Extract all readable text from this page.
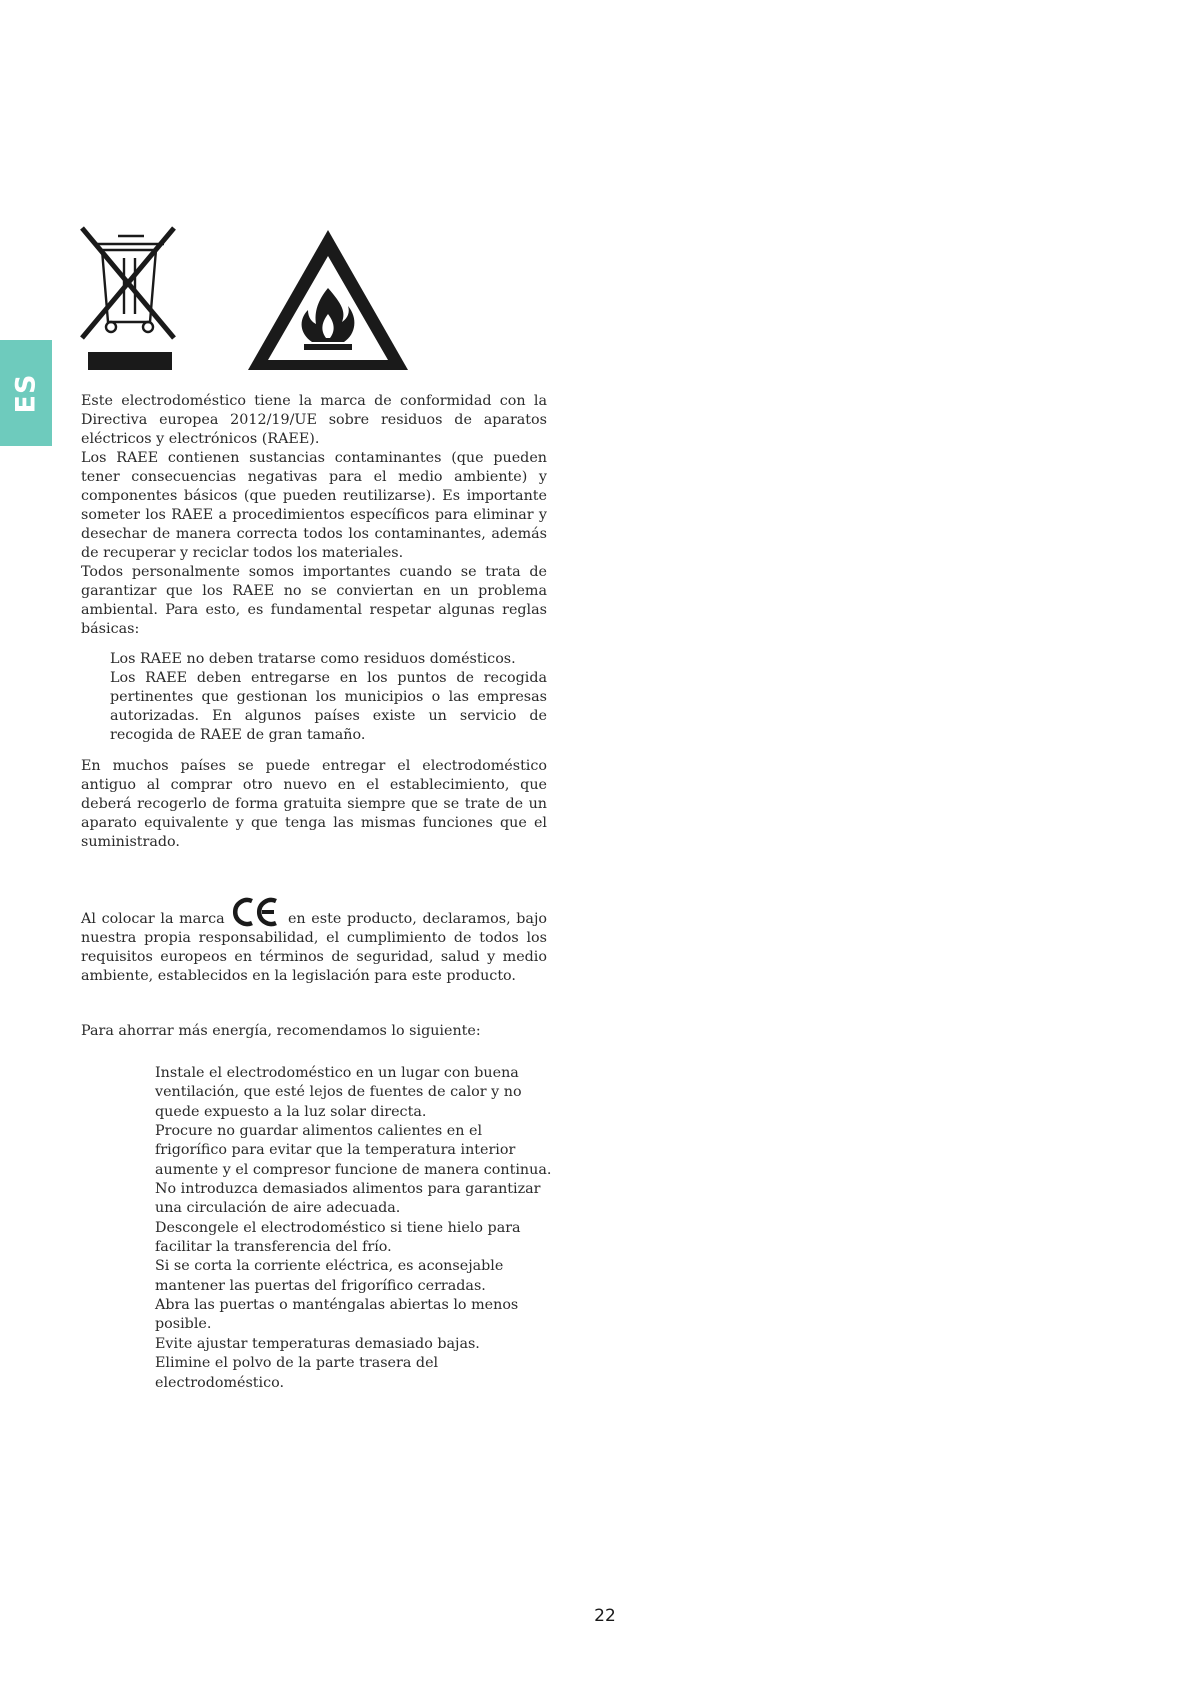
ES	Este electrodoméstico tiene la marca de conformidad con la Directiva europea 2012/19/UE sobre residuos de aparatos eléctricos y electrónicos (RAEE).

Los RAEE contienen sustancias contaminantes (que pueden tener consecuencias negativas para el medio ambiente) y componentes básicos (que pueden reutilizarse). Es importante someter los RAEE a procedimientos específicos para eliminar y desechar de manera correcta todos los contaminantes, además de recuperar y reciclar todos los materiales.

Todos personalmente somos importantes cuando se trata de garantizar que los RAEE no se conviertan en un problema ambiental. Para esto, es fundamental respetar algunas reglas básicas:

Los RAEE no deben tratarse como residuos domésticos.
Los RAEE deben entregarse en los puntos de recogida pertinentes que gestionan los municipios o las empresas autorizadas. En algunos países existe un servicio de recogida de RAEE de gran tamaño.

En muchos países se puede entregar el electrodoméstico antiguo al comprar otro nuevo en el establecimiento, que deberá recogerlo de forma gratuita siempre que se trate de un aparato equivalente y que tenga las mismas funciones que el suministrado.

Al colocar la marca	en este producto, declaramos, bajo nuestra propia responsabilidad, el cumplimiento de todos los requisitos europeos en términos de seguridad, salud y medio ambiente, establecidos en la legislación para este producto.

Para ahorrar más energía, recomendamos lo siguiente:

Instale el electrodoméstico en un lugar con buena ventilación, que esté lejos de fuentes de calor y no quede expuesto a la luz solar directa.
Procure no guardar alimentos calientes en el frigorífico para evitar que la temperatura interior aumente y el compresor funcione de manera continua.
No introduzca demasiados alimentos para garantizar una circulación de aire adecuada.
Descongele el electrodoméstico si tiene hielo para facilitar la transferencia del frío.
Si se corta la corriente eléctrica, es aconsejable mantener las puertas del frigorífico cerradas.
Abra las puertas o manténgalas abiertas lo menos posible.
Evite ajustar temperaturas demasiado bajas.
Elimine el polvo de la parte trasera del electrodoméstico.
22
